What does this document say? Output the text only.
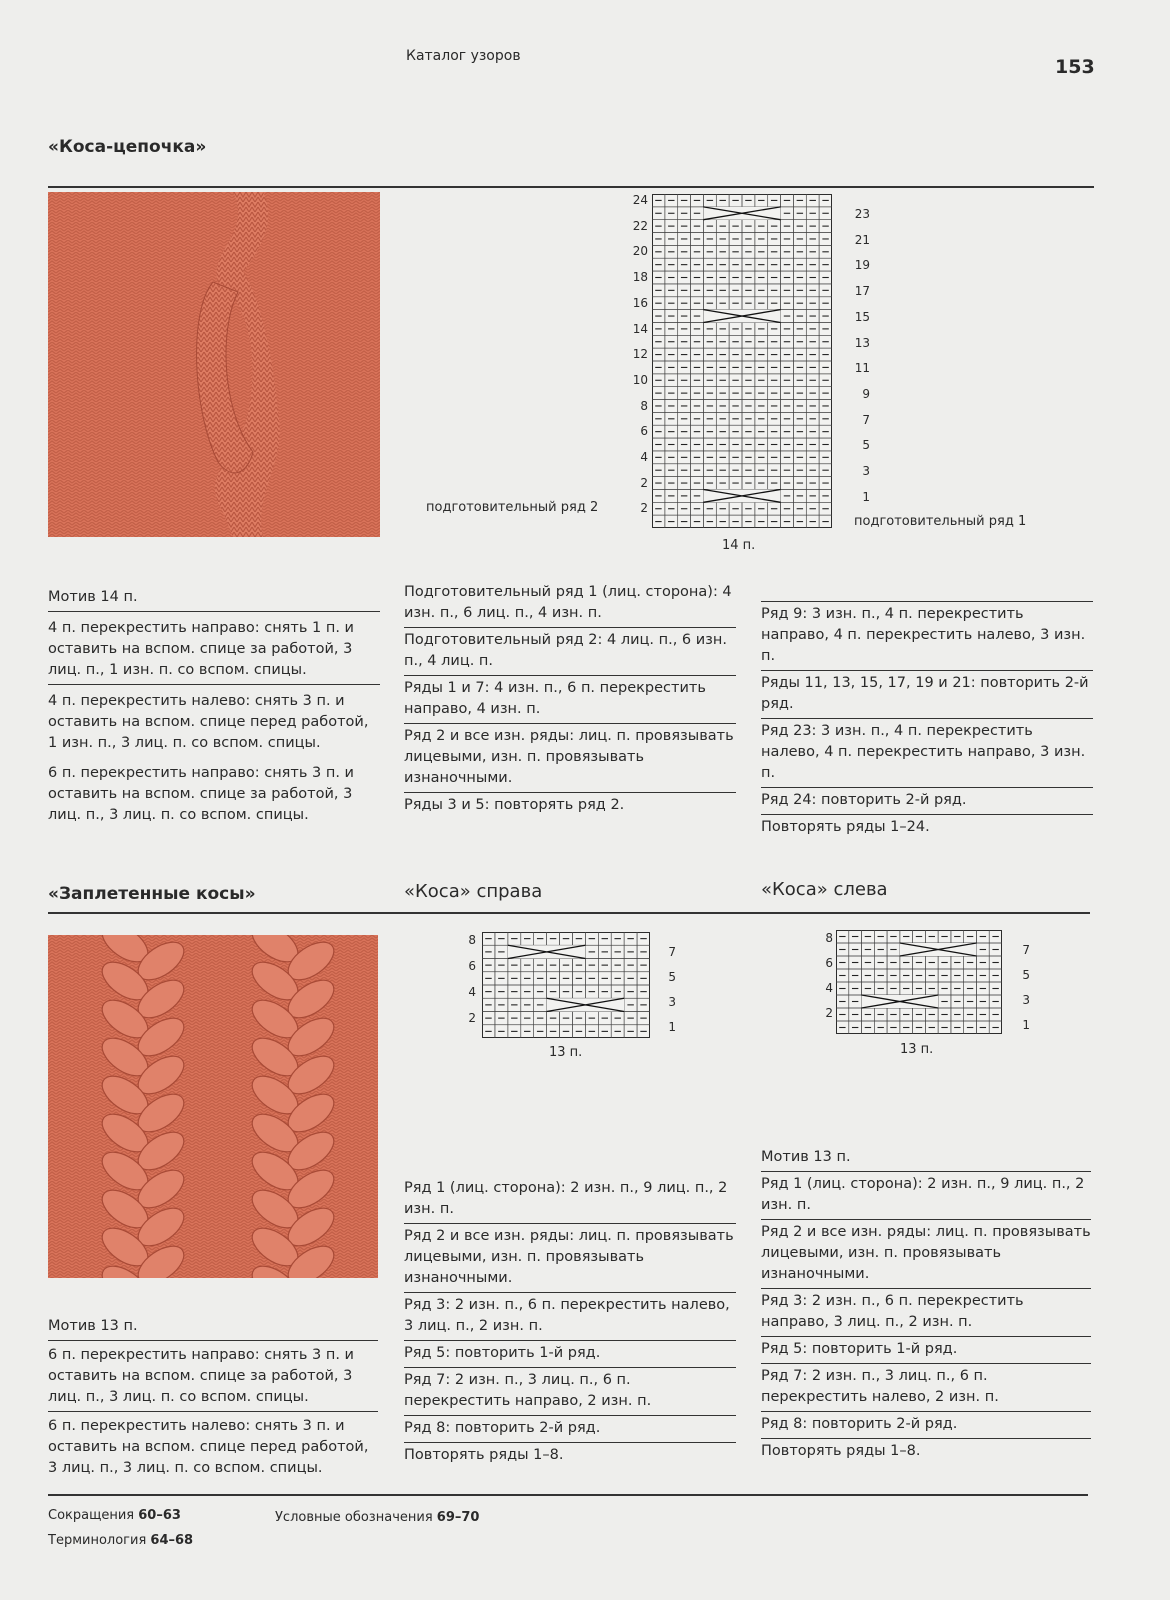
Каталог узоров	153
«Коса-цепочка»
24
22
20
18
16
14
12
10
8
6
4
2
2
23
21
19
17
15
13
11
9
7
5
3
1
подготовительный ряд 2
подготовительный ряд 1
14 п.
Мотив 14 п.
4 п. перекрестить направо: снять 1 п. и оставить на вспом. спице за работой, 3 лиц. п., 1 изн. п. со вспом. спицы.
4 п. перекрестить налево: снять 3 п. и оставить на вспом. спице перед работой, 1 изн. п., 3 лиц. п. со вспом. спицы.
6 п. перекрестить направо: снять 3 п. и оставить на вспом. спице за работой, 3 лиц. п., 3 лиц. п. со вспом. спицы.
Подготовительный ряд 1 (лиц. сторона): 4 изн. п., 6 лиц. п., 4 изн. п.
Подготовительный ряд 2: 4 лиц. п., 6 изн. п., 4 лиц. п.
Ряды 1 и 7: 4 изн. п., 6 п. перекрестить направо, 4 изн. п.
Ряд 2 и все изн. ряды: лиц. п. провязывать лицевыми, изн. п. провязывать изнаночными.
Ряды 3 и 5: повторять ряд 2.
Ряд 9: 3 изн. п., 4 п. перекрестить направо, 4 п. перекрестить налево, 3 изн. п.
Ряды 11, 13, 15, 17, 19 и 21: повторить 2-й ряд.
Ряд 23: 3 изн. п., 4 п. перекрестить налево, 4 п. перекрестить направо, 3 изн. п.
Ряд 24: повторить 2-й ряд.
Повторять ряды 1–24.
«Заплетенные косы»	«Коса» справа	«Коса» слева
8
6
4
2
7
5
3
1
13 п.
8
6
4
2
7
5
3
1
13 п.
Мотив 13 п.
6 п. перекрестить направо: снять 3 п. и оставить на вспом. спице за работой, 3 лиц. п., 3 лиц. п. со вспом. спицы.
6 п. перекрестить налево: снять 3 п. и оставить на вспом. спице перед работой, 3 лиц. п., 3 лиц. п. со вспом. спицы.
Ряд 1 (лиц. сторона): 2 изн. п., 9 лиц. п., 2 изн. п.
Ряд 2 и все изн. ряды: лиц. п. провязывать лицевыми, изн. п. провязывать изнаночными.
Ряд 3: 2 изн. п., 6 п. перекрестить налево, 3 лиц. п., 2 изн. п.
Ряд 5: повторить 1-й ряд.
Ряд 7: 2 изн. п., 3 лиц. п., 6 п. перекрестить направо, 2 изн. п.
Ряд 8: повторить 2-й ряд.
Повторять ряды 1–8.
Мотив 13 п.
Ряд 1 (лиц. сторона): 2 изн. п., 9 лиц. п., 2 изн. п.
Ряд 2 и все изн. ряды: лиц. п. провязывать лицевыми, изн. п. провязывать изнаночными.
Ряд 3: 2 изн. п., 6 п. перекрестить направо, 3 лиц. п., 2 изн. п.
Ряд 5: повторить 1-й ряд.
Ряд 7: 2 изн. п., 3 лиц. п., 6 п. перекрестить налево, 2 изн. п.
Ряд 8: повторить 2-й ряд.
Повторять ряды 1–8.
Сокращения 60–63
Терминология 64–68
Условные обозначения 69–70
